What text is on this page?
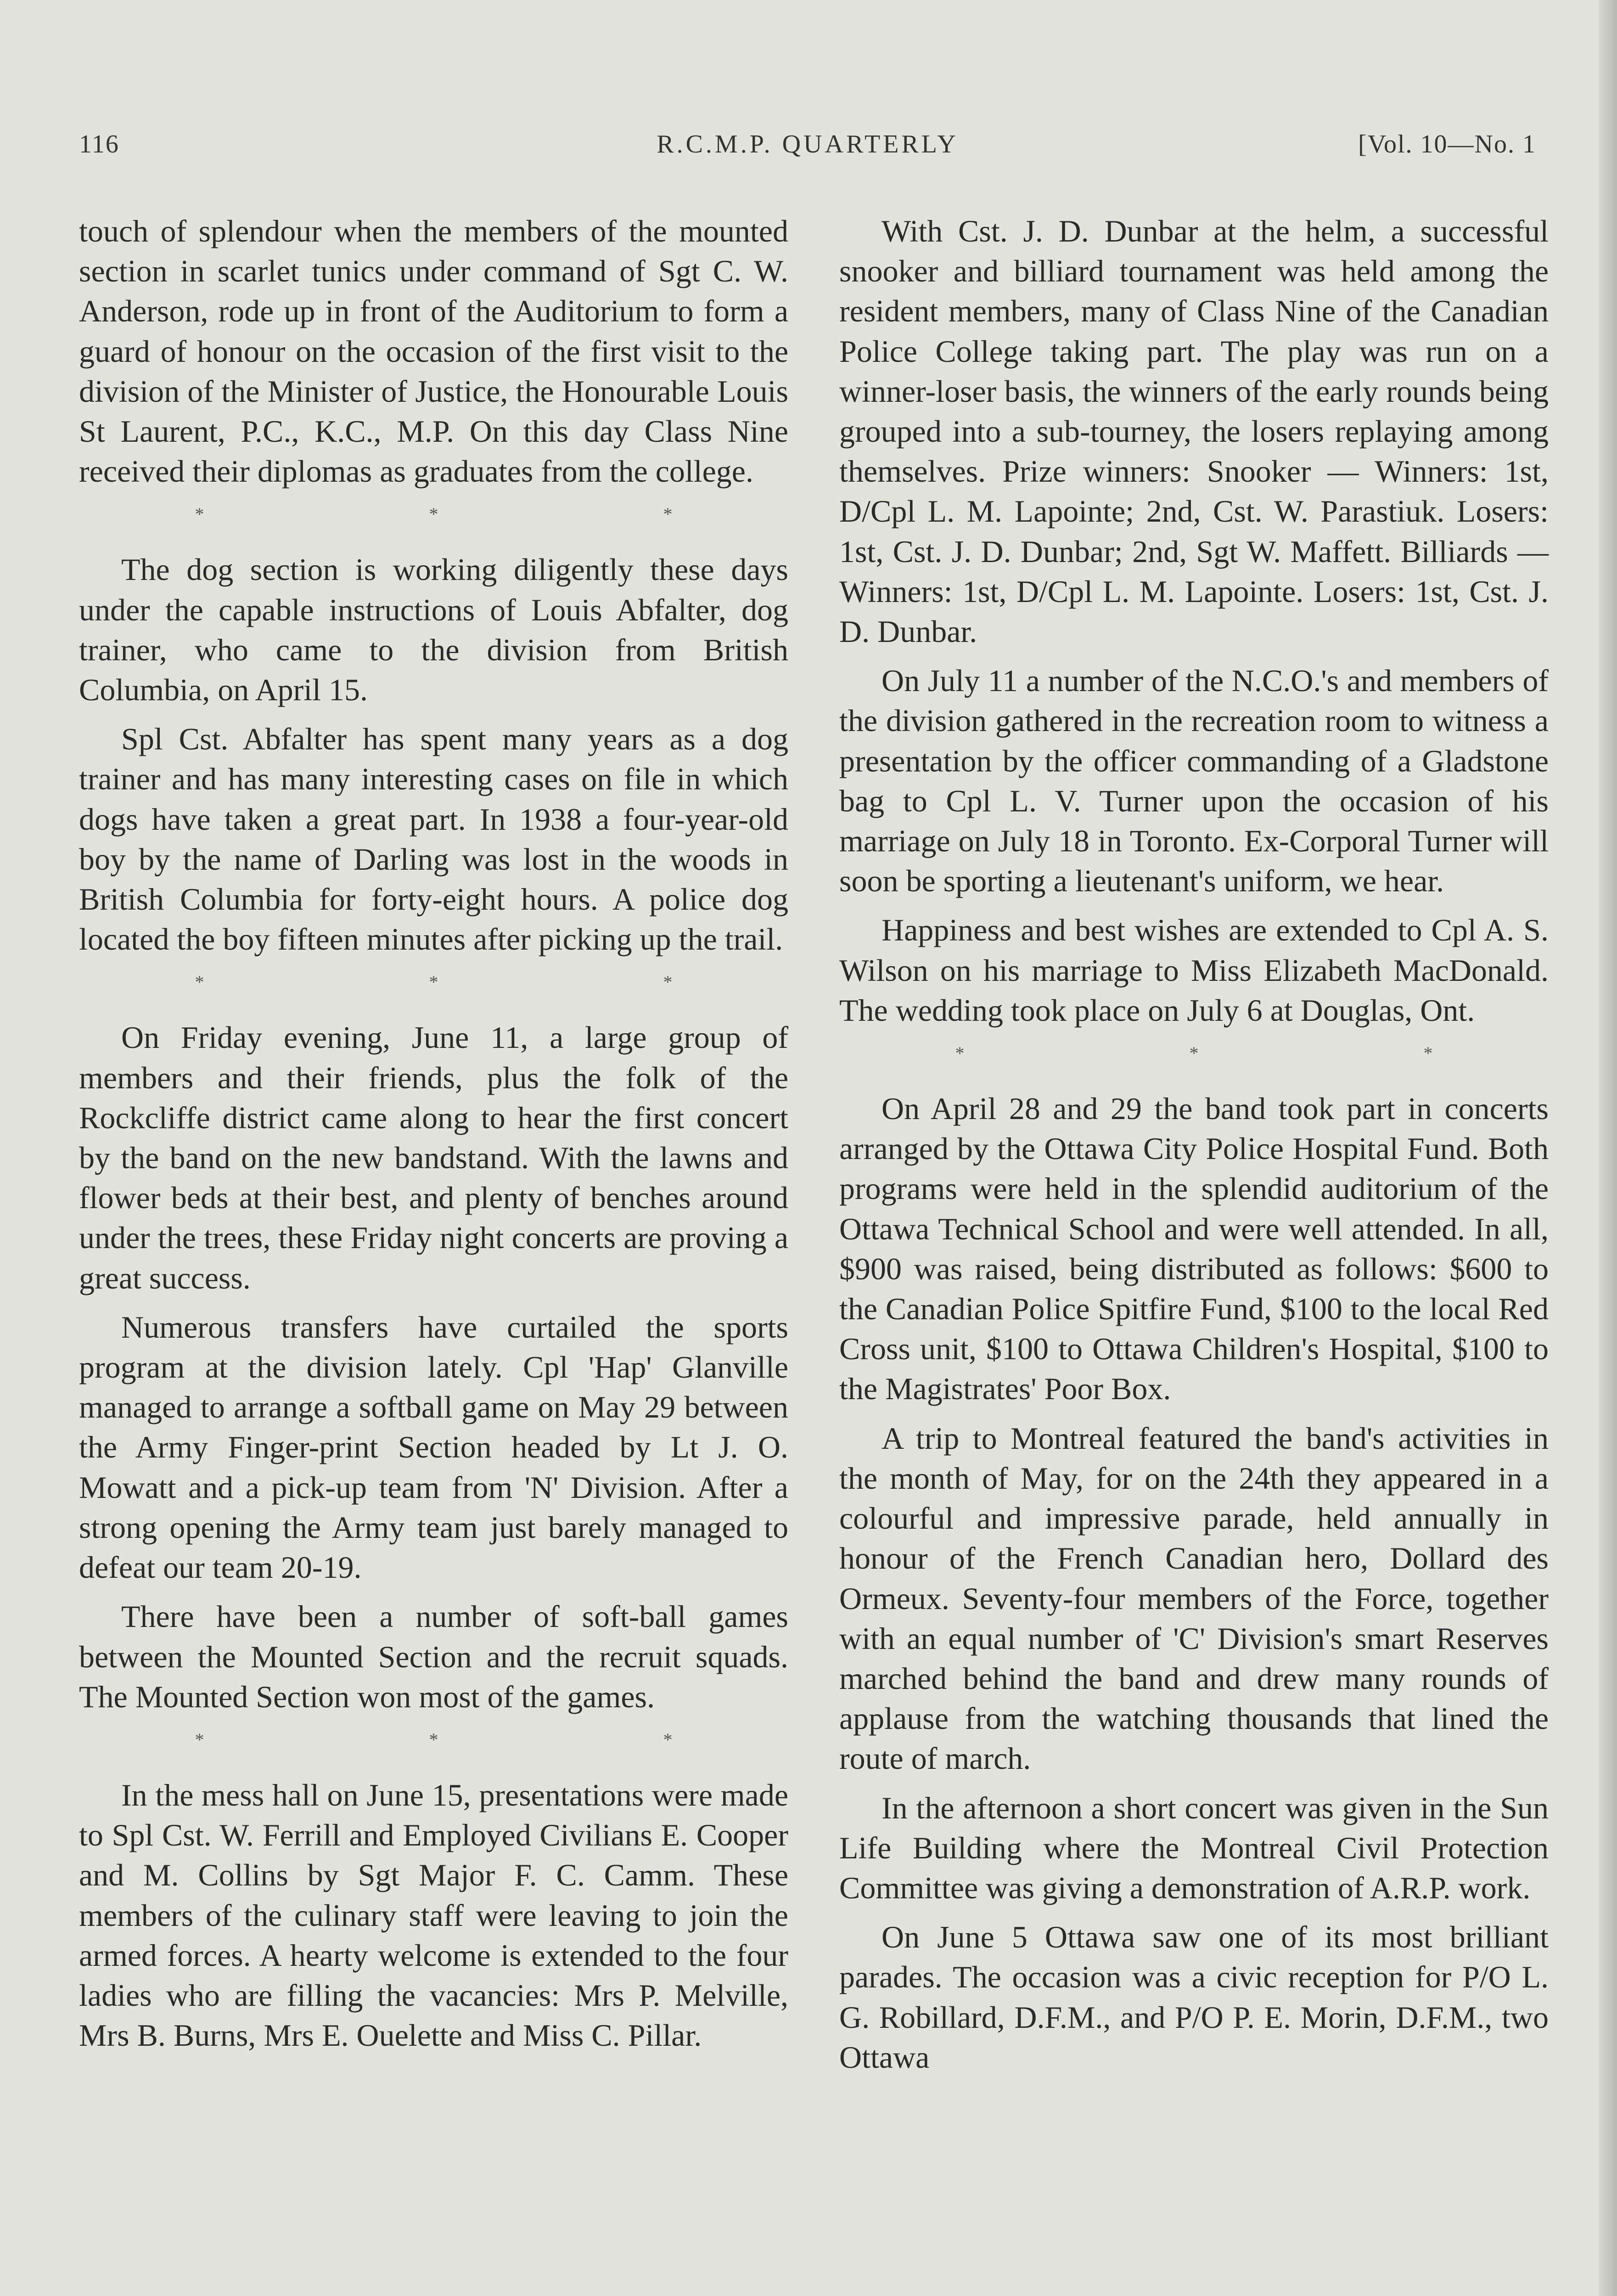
116	R.C.M.P. QUARTERLY	[Vol. 10—No. 1

touch of splendour when the members of the mounted section in scarlet tunics under command of Sgt C. W. Anderson, rode up in front of the Auditorium to form a guard of honour on the occasion of the first visit to the division of the Minister of Justice, the Honourable Louis St Laurent, P.C., K.C., M.P. On this day Class Nine received their diplomas as graduates from the college.

* * *

The dog section is working diligently these days under the capable instructions of Louis Abfalter, dog trainer, who came to the division from British Columbia, on April 15.

Spl Cst. Abfalter has spent many years as a dog trainer and has many interesting cases on file in which dogs have taken a great part. In 1938 a four-year-old boy by the name of Darling was lost in the woods in British Columbia for forty-eight hours. A police dog located the boy fifteen minutes after picking up the trail.

* * *

On Friday evening, June 11, a large group of members and their friends, plus the folk of the Rockcliffe district came along to hear the first concert by the band on the new bandstand. With the lawns and flower beds at their best, and plenty of benches around under the trees, these Friday night concerts are proving a great success.

Numerous transfers have curtailed the sports program at the division lately. Cpl 'Hap' Glanville managed to arrange a softball game on May 29 between the Army Finger-print Section headed by Lt J. O. Mowatt and a pick-up team from 'N' Division. After a strong opening the Army team just barely managed to defeat our team 20-19.

There have been a number of soft-ball games between the Mounted Section and the recruit squads. The Mounted Section won most of the games.

* * *

In the mess hall on June 15, presentations were made to Spl Cst. W. Ferrill and Employed Civilians E. Cooper and M. Collins by Sgt Major F. C. Camm. These members of the culinary staff were leaving to join the armed forces. A hearty welcome is extended to the four ladies who are filling the vacancies: Mrs P. Melville, Mrs B. Burns, Mrs E. Ouelette and Miss C. Pillar.

With Cst. J. D. Dunbar at the helm, a successful snooker and billiard tournament was held among the resident members, many of Class Nine of the Canadian Police College taking part. The play was run on a winner-loser basis, the winners of the early rounds being grouped into a sub-tourney, the losers replaying among themselves. Prize winners: Snooker — Winners: 1st, D/Cpl L. M. Lapointe; 2nd, Cst. W. Parastiuk. Losers: 1st, Cst. J. D. Dunbar; 2nd, Sgt W. Maffett. Billiards — Winners: 1st, D/Cpl L. M. Lapointe. Losers: 1st, Cst. J. D. Dunbar.

On July 11 a number of the N.C.O.'s and members of the division gathered in the recreation room to witness a presentation by the officer commanding of a Gladstone bag to Cpl L. V. Turner upon the occasion of his marriage on July 18 in Toronto. Ex-Corporal Turner will soon be sporting a lieutenant's uniform, we hear.

Happiness and best wishes are extended to Cpl A. S. Wilson on his marriage to Miss Elizabeth MacDonald. The wedding took place on July 6 at Douglas, Ont.

* * *

On April 28 and 29 the band took part in concerts arranged by the Ottawa City Police Hospital Fund. Both programs were held in the splendid auditorium of the Ottawa Technical School and were well attended. In all, $900 was raised, being distributed as follows: $600 to the Canadian Police Spitfire Fund, $100 to the local Red Cross unit, $100 to Ottawa Children's Hospital, $100 to the Magistrates' Poor Box.

A trip to Montreal featured the band's activities in the month of May, for on the 24th they appeared in a colourful and impressive parade, held annually in honour of the French Canadian hero, Dollard des Ormeux. Seventy-four members of the Force, together with an equal number of 'C' Division's smart Reserves marched behind the band and drew many rounds of applause from the watching thousands that lined the route of march.

In the afternoon a short concert was given in the Sun Life Building where the Montreal Civil Protection Committee was giving a demonstration of A.R.P. work.

On June 5 Ottawa saw one of its most brilliant parades. The occasion was a civic reception for P/O L. G. Robillard, D.F.M., and P/O P. E. Morin, D.F.M., two Ottawa
